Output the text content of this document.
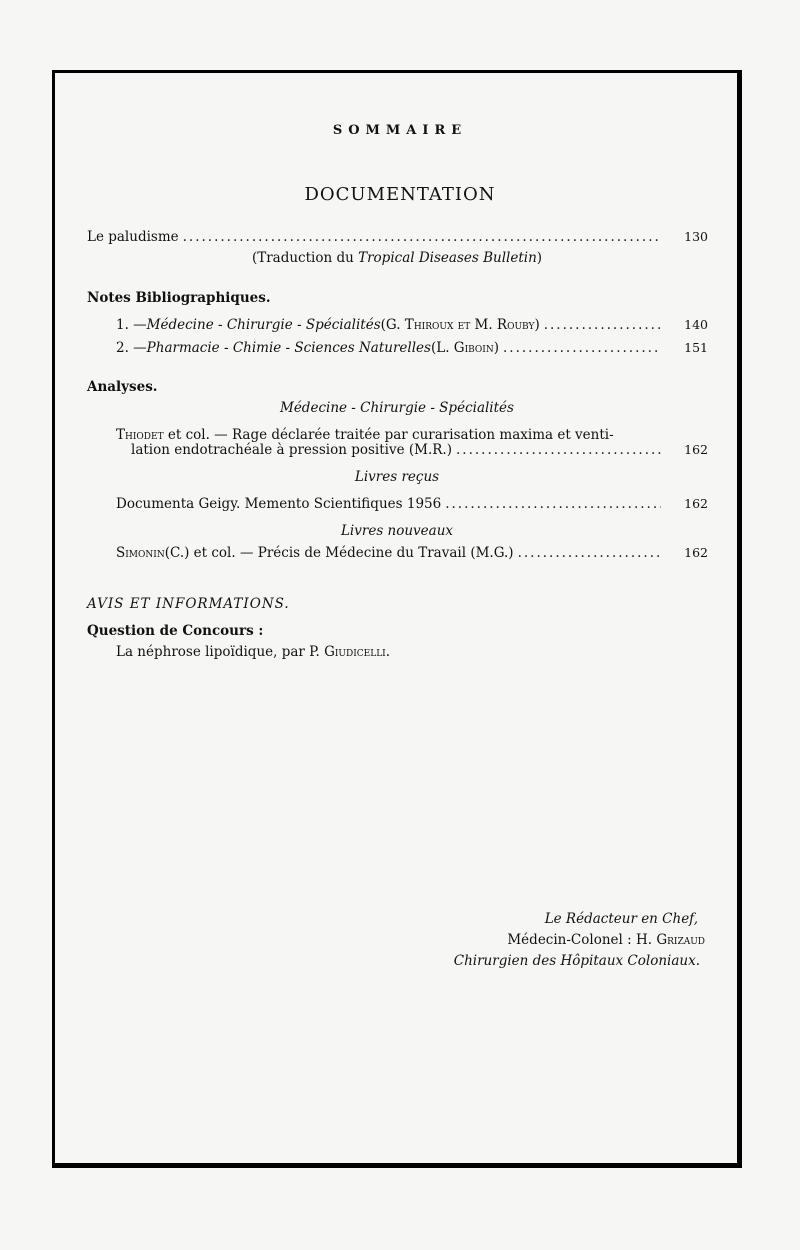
SOMMAIRE
DOCUMENTATION
Le paludisme .....	130
(Traduction du Tropical Diseases Bulletin)
Notes Bibliographiques.
1. — Médecine - Chirurgie - Spécialités (G. Thiroux et M. Rouby) .....	140
2. — Pharmacie - Chimie - Sciences Naturelles (L. Giboin) .....	151
Analyses.
Médecine - Chirurgie - Spécialités
Thiodet et col. — Rage déclarée traitée par curarisation maxima et venti-
lation endotrachéale à pression positive (M.R.) .....	162
Livres reçus
Documenta Geigy. Memento Scientifiques 1956 .....	162
Livres nouveaux
Simonin (C.) et col. — Précis de Médecine du Travail (M.G.) .....	162
AVIS ET INFORMATIONS.
Question de Concours :
La néphrose lipoïdique, par P. Giudicelli.
Le Rédacteur en Chef,
Médecin-Colonel : H. Grizaud
Chirurgien des Hôpitaux Coloniaux.
